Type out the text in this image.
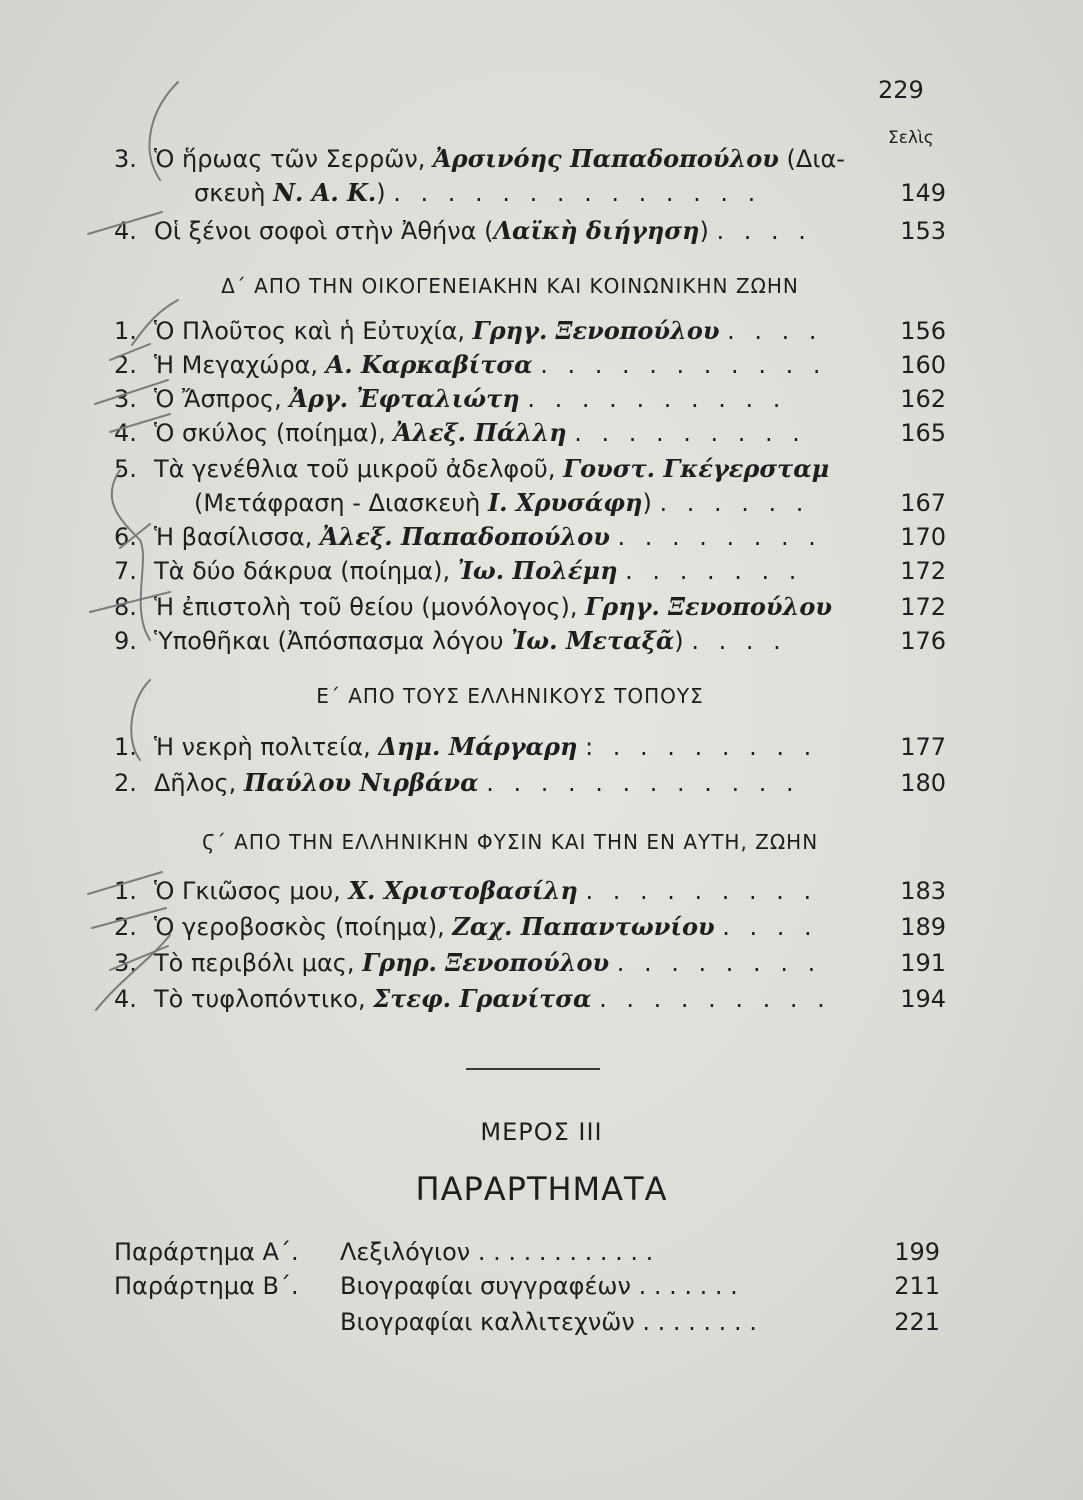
229
Σελὶς
3. Ὁ ἥρωας τῶν Σερρῶν, Ἀρσινόης Παπαδοπούλου (Δια-
σκευὴ Ν. Α. Κ.) . . . . . . . . . . . . . .	149
4. Οἱ ξένοι σοφοὶ στὴν Ἀθήνα (Λαϊκὴ διήγηση) . . . .	153
Δ΄ ΑΠΟ ΤΗΝ ΟΙΚΟΓΕΝΕΙΑΚΗΝ ΚΑΙ ΚΟΙΝΩΝΙΚΗΝ ΖΩΗΝ
1. Ὁ Πλοῦτος καὶ ἡ Εὐτυχία, Γρηγ. Ξενοπούλου . . . .	156
2. Ἡ Μεγαχώρα, Α. Καρκαβίτσα . . . . . . . . . . .	160
3. Ὁ Ἄσπρος, Ἀργ. Ἐφταλιώτη . . . . . . . . . .	162
4. Ὁ σκύλος (ποίημα), Ἀλεξ. Πάλλη . . . . . . . . .	165
5. Τὰ γενέθλια τοῦ μικροῦ ἀδελφοῦ, Γουστ. Γκέγερσταμ
(Μετάφραση - Διασκευὴ Ι. Χρυσάφη) . . . . . .	167
6. Ἡ βασίλισσα, Ἀλεξ. Παπαδοπούλου . . . . . . . .	170
7. Τὰ δύο δάκρυα (ποίημα), Ἰω. Πολέμη . . . . . . .	172
8. Ἡ ἐπιστολὴ τοῦ θείου (μονόλογος), Γρηγ. Ξενοπούλου	172
9. Ὑποθῆκαι (Ἀπόσπασμα λόγου Ἰω. Μεταξᾶ) . . . .	176
Ε΄ ΑΠΟ ΤΟΥΣ ΕΛΛΗΝΙΚΟΥΣ ΤΟΠΟΥΣ
1. Ἡ νεκρὴ πολιτεία, Δημ. Μάργαρη : . . . . . . . .	177
2. Δῆλος, Παύλου Νιρβάνα . . . . . . . . . . . .	180
Ϛ΄ ΑΠΟ ΤΗΝ ΕΛΛΗΝΙΚΗΝ ΦΥΣΙΝ ΚΑΙ ΤΗΝ ΕΝ ΑΥΤΗ, ΖΩΗΝ
1. Ὁ Γκιῶσος μου, Χ. Χριστοβασίλη . . . . . . . . .	183
2. Ὁ γεροβοσκὸς (ποίημα), Ζαχ. Παπαντωνίου . . . .	189
3. Τὸ περιβόλι μας, Γρηρ. Ξενοπούλου . . . . . . . .	191
4. Τὸ τυφλοπόντικο, Στεφ. Γρανίτσα . . . . . . . . .	194
ΜΕΡΟΣ III
ΠΑΡΑΡΤΗΜΑΤΑ
Παράρτημα Α΄. Λεξιλόγιον . . . . . . . . . . . .	199
Παράρτημα Β΄. Βιογραφίαι συγγραφέων . . . . . . .	211
Βιογραφίαι καλλιτεχνῶν . . . . . . . .	221
